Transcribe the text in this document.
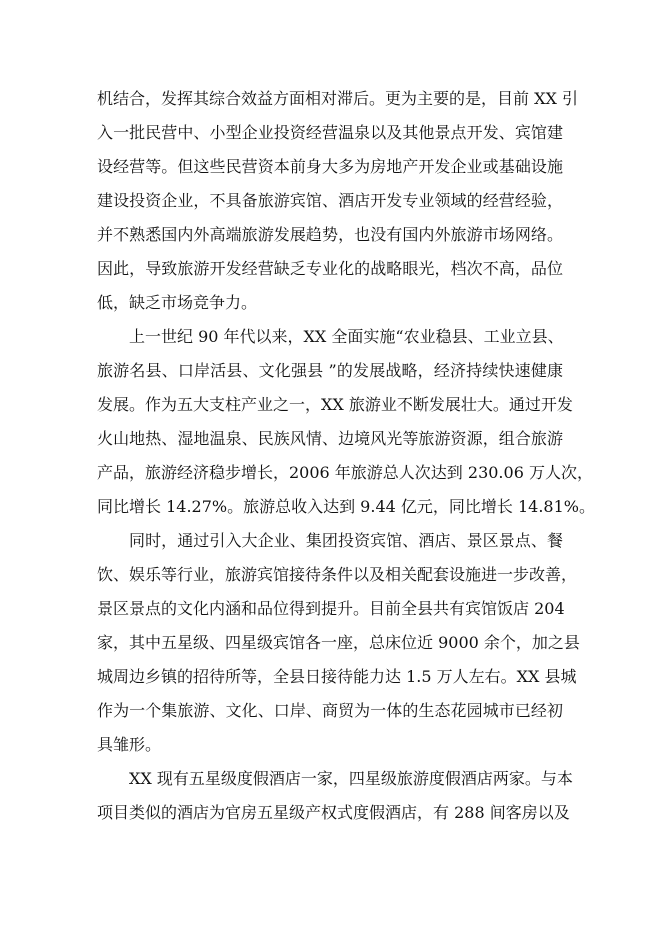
机结合，发挥其综合效益方面相对滞后。更为主要的是，目前 XX 引
入一批民营中、小型企业投资经营温泉以及其他景点开发、宾馆建
设经营等。但这些民营资本前身大多为房地产开发企业或基础设施
建设投资企业，不具备旅游宾馆、酒店开发专业领域的经营经验，
并不熟悉国内外高端旅游发展趋势，也没有国内外旅游市场网络。
因此，导致旅游开发经营缺乏专业化的战略眼光，档次不高，品位
低，缺乏市场竞争力。
上一世纪 90 年代以来，XX 全面实施“农业稳县、工业立县、
旅游名县、口岸活县、文化强县 ”的发展战略，经济持续快速健康
发展。作为五大支柱产业之一，XX 旅游业不断发展壮大。通过开发
火山地热、湿地温泉、民族风情、边境风光等旅游资源，组合旅游
产品，旅游经济稳步增长，2006 年旅游总人次达到 230.06 万人次，
同比增长 14.27%。旅游总收入达到 9.44 亿元，同比增长 14.81%。
同时，通过引入大企业、集团投资宾馆、酒店、景区景点、餐
饮、娱乐等行业，旅游宾馆接待条件以及相关配套设施进一步改善，
景区景点的文化内涵和品位得到提升。目前全县共有宾馆饭店 204
家，其中五星级、四星级宾馆各一座，总床位近 9000 余个，加之县
城周边乡镇的招待所等，全县日接待能力达 1.5 万人左右。XX 县城
作为一个集旅游、文化、口岸、商贸为一体的生态花园城市已经初
具雏形。
XX 现有五星级度假酒店一家，四星级旅游度假酒店两家。与本
项目类似的酒店为官房五星级产权式度假酒店，有 288 间客房以及
